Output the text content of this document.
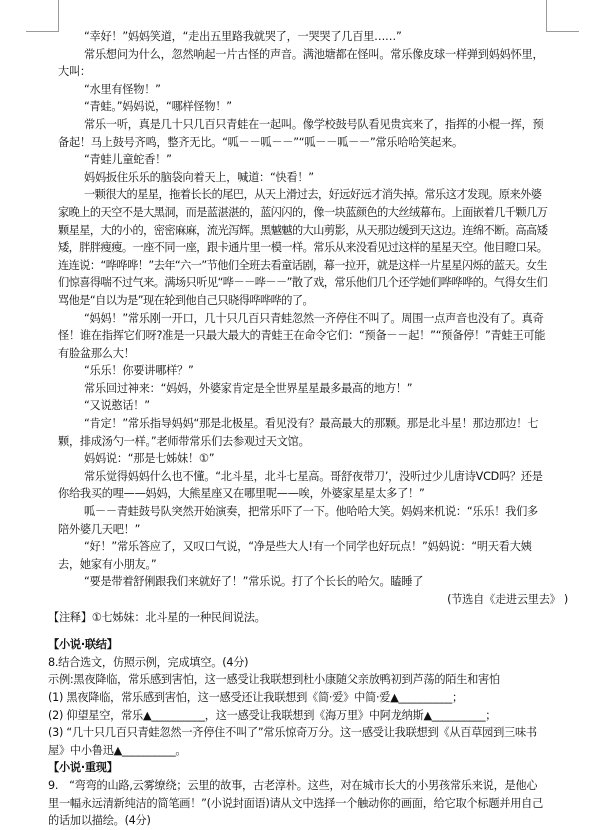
“幸好！”妈妈笑道，“走出五里路我就哭了，一哭哭了几百里……”

常乐想问为什么，忽然响起一片古怪的声音。满池塘都在怪叫。常乐像皮球一样弹到妈妈怀里，大叫：

“水里有怪物！”

“青蛙。”妈妈说，“哪样怪物！”

常乐一听，真是几十只几百只青蛙在一起叫。像学校鼓号队看见贵宾来了，指挥的小棍一挥，预备起！马上鼓号齐鸣，整齐无比。“呱－－呱－－”“呱－－呱－－”常乐哈哈笑起来。

“青蛙儿童蛇香！”

妈妈扳住乐乐的脑袋向着天上，喊道：“快看！”

一颗很大的星星，拖着长长的尾巴，从天上滑过去，好远好远才消失掉。常乐这才发现。原来外婆家晚上的天空不是大黑洞，而是蓝湛湛的，蓝闪闪的，像一块蓝颜色的大丝绒幕布。上面嵌着几千颗几万颗星星，大的小的，密密麻麻，流光泻辉。黑魆魆的大山剪影，从天那边缓到天这边。连绵不断。高高矮矮，胖胖瘦瘦。一座不同一座，跟卡通片里一模一样。常乐从来没看见过这样的星星天空。他目瞪口呆。连连说：“哗哗哗！”去年“六一”节他们全班去看童话剧，幕一拉开，就是这样一片星星闪烁的蓝天。女生们惊喜得喘不过气来。满场只听见“哗－－哗－－”散了戏，常乐他们几个还学她们哗哗哗的。气得女生们骂他是“自以为是”现在轮到他自己只晓得哗哗哗的了。

“妈妈！”常乐刚一开口，几十只几百只青蛙忽然一齐停住不叫了。周围一点声音也没有了。真奇怪！谁在指挥它们呀?准是一只最大最大的青蛙王在命令它们：“预备－－起！”“预备停！”青蛙王可能有脸盆那么大！

“乐乐！你要讲哪样？”

常乐回过神来：“妈妈，外婆家肯定是全世界星星最多最高的地方！”

“又说憨话！”

“肯定！”常乐指导妈妈“那是北极星。看见没有？最高最大的那颗。那是北斗星！那边那边！七颗，排成汤勺一样。”老师带常乐们去参观过天文馆。

妈妈说：“那是七姊妹！①”

常乐觉得妈妈什么也不懂。“北斗星，北斗七星高。哥舒夜带刀’，没听过少儿唐诗VCD吗？还是你给我买的哩——妈妈，大熊星座又在哪里呢——唉，外婆家星星太多了！”

呱－－青蛙鼓号队突然开始演奏，把常乐吓了一下。他哈哈大笑。妈妈来机说：“乐乐！我们多陪外婆几天吧！”

“好！”常乐答应了，又叹口气说，“净是些大人!有一个同学也好玩点！”妈妈说：“明天看大姨去，她家有小朋友。”

“要是带着舒俐跟我们来就好了！”常乐说。打了个长长的哈欠。瞌睡了

(节选自《走进云里去》 )

【注释】①七姊妹：北斗星的一种民间说法。

【小说·联结】

8.结合选文，仿照示例，完成填空。(4分)

示例:黑夜降临，常乐感到害怕，这一感受让我联想到杜小康随父亲放鸭初到芦荡的陌生和害怕

(1) 黑夜降临，常乐感到害怕，这一感受还让我联想到《简·爱》中简·爱▲__________；

(2) 仰望星空，常乐▲__________，这一感受让我联想到《海万里》中阿龙纳斯▲__________；

(3) “几十只几百只青蛙忽然一齐停住不叫了”常乐惊奇万分。这一感受让我联想到《从百草园到三味书屋》中小鲁迅▲__________。

【小说·重现】

9.　“弯弯的山路,云雾缭绕；云里的故事，古老淳朴。这些，对在城市长大的小男孩常乐来说，是他心里一幅永远清新纯洁的简笔画！”(小说封面语)请从文中选择一个触动你的画面，给它取个标题并用自己的话加以描绘。(4分)
